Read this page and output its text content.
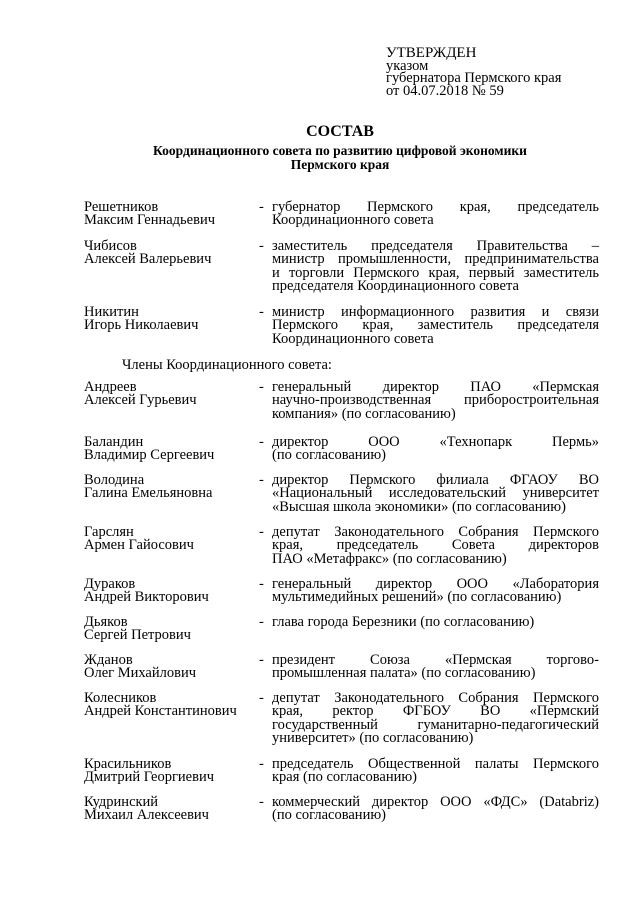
УТВЕРЖДЕН
указом
губернатора Пермского края
от 04.07.2018 № 59
СОСТАВ
Координационного совета по развитию цифровой экономики
Пермского края
Решетников
Максим Геннадьевич
- губернатор Пермского края, председатель
Координационного совета
Чибисов
Алексей Валерьевич
- заместитель председателя Правительства –
министр промышленности, предпринимательства
и торговли Пермского края, первый заместитель
председателя Координационного совета
Никитин
Игорь Николаевич
- министр информационного развития и связи
Пермского края, заместитель председателя
Координационного совета
Члены Координационного совета:
Андреев
Алексей Гурьевич
- генеральный директор ПАО «Пермская
научно-производственная приборостроительная
компания» (по согласованию)
Баландин
Владимир Сергеевич
- директор ООО «Технопарк Пермь»
(по согласованию)
Володина
Галина Емельяновна
- директор Пермского филиала ФГАОУ ВО
«Национальный исследовательский университет
«Высшая школа экономики» (по согласованию)
Гарслян
Армен Гайосович
- депутат Законодательного Собрания Пермского
края, председатель Совета директоров
ПАО «Метафракс» (по согласованию)
Дураков
Андрей Викторович
- генеральный директор ООО «Лаборатория
мультимедийных решений» (по согласованию)
Дьяков
Сергей Петрович
- глава города Березники (по согласованию)
Жданов
Олег Михайлович
- президент Союза «Пермская торгово-
промышленная палата» (по согласованию)
Колесников
Андрей Константинович
- депутат Законодательного Собрания Пермского
края, ректор ФГБОУ ВО «Пермский
государственный гуманитарно-педагогический
университет» (по согласованию)
Красильников
Дмитрий Георгиевич
- председатель Общественной палаты Пермского
края (по согласованию)
Кудринский
Михаил Алексеевич
- коммерческий директор ООО «ФДС» (Databriz)
(по согласованию)
